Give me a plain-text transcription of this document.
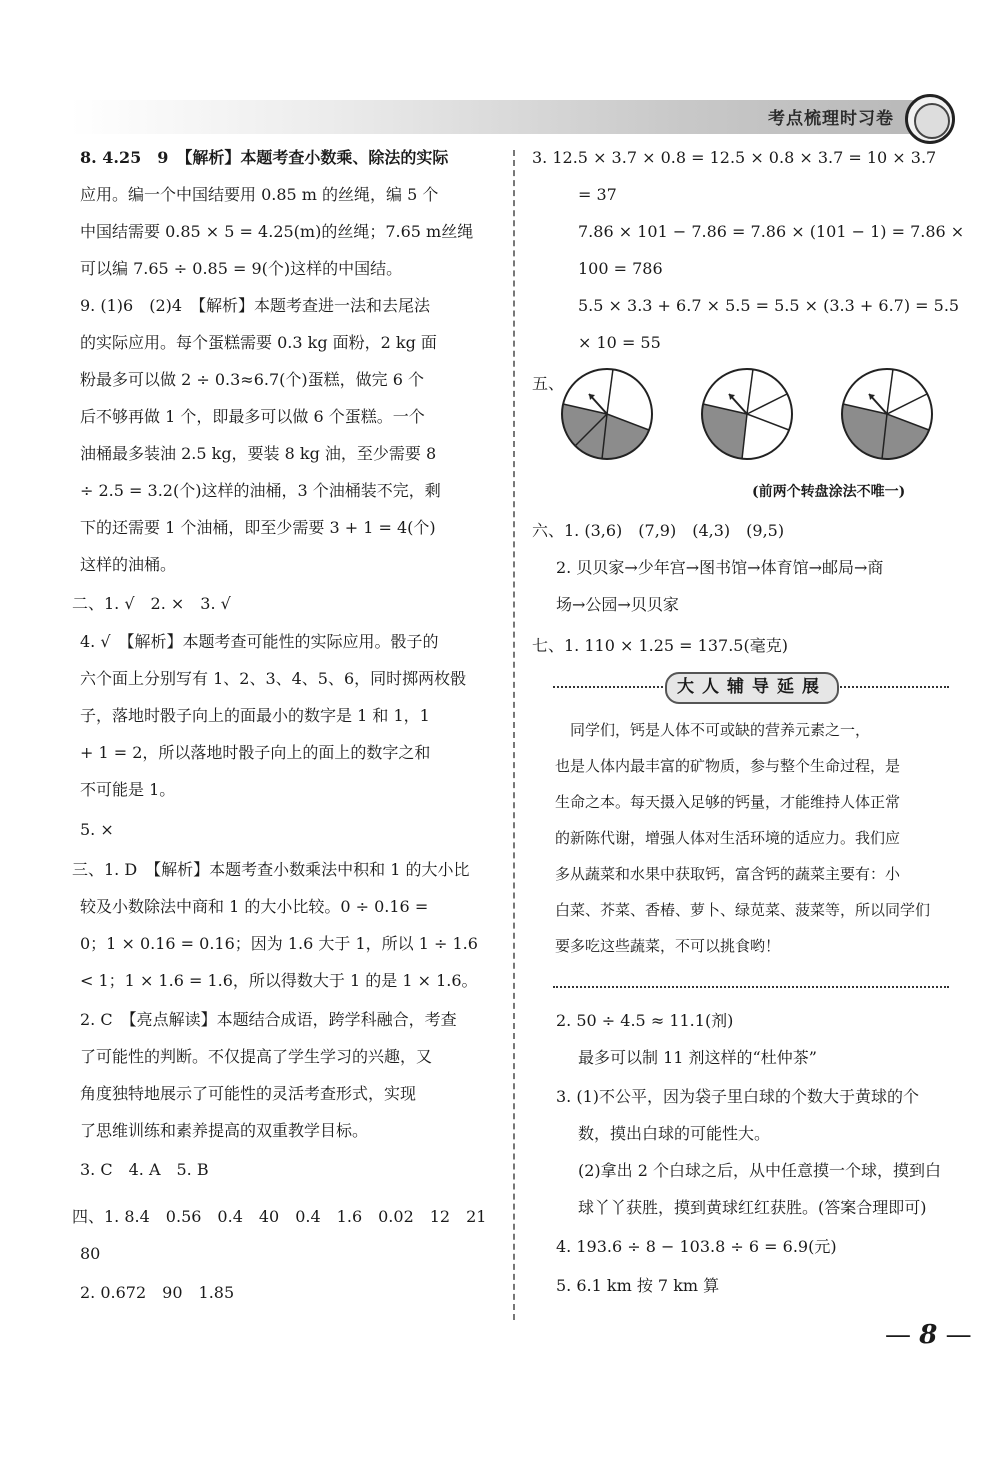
考点梳理时习卷
8. 4.25　9　【解析】本题考查小数乘、除法的实际
应用。编一个中国结要用 0.85 m 的丝绳，编 5 个
中国结需要 0.85 × 5 = 4.25(m)的丝绳；7.65 m丝绳
可以编 7.65 ÷ 0.85 = 9(个)这样的中国结。
9. (1)6　(2)4　【解析】本题考查进一法和去尾法
的实际应用。每个蛋糕需要 0.3 kg 面粉，2 kg 面
粉最多可以做 2 ÷ 0.3≈6.7(个)蛋糕，做完 6 个
后不够再做 1 个，即最多可以做 6 个蛋糕。一个
油桶最多装油 2.5 kg，要装 8 kg 油，至少需要 8
÷ 2.5 = 3.2(个)这样的油桶，3 个油桶装不完，剩
下的还需要 1 个油桶，即至少需要 3 + 1 = 4(个)
这样的油桶。
二、1. √　2. ×　3. √
4. √　【解析】本题考查可能性的实际应用。骰子的
六个面上分别写有 1、2、3、4、5、6，同时掷两枚骰
子，落地时骰子向上的面最小的数字是 1 和 1，1
+ 1 = 2，所以落地时骰子向上的面上的数字之和
不可能是 1。
5. ×
三、1. D　【解析】本题考查小数乘法中积和 1 的大小比
较及小数除法中商和 1 的大小比较。0 ÷ 0.16 =
0；1 × 0.16 = 0.16；因为 1.6 大于 1，所以 1 ÷ 1.6
< 1；1 × 1.6 = 1.6，所以得数大于 1 的是 1 × 1.6。
2. C　【亮点解读】本题结合成语，跨学科融合，考查
了可能性的判断。不仅提高了学生学习的兴趣，又
角度独特地展示了可能性的灵活考查形式，实现
了思维训练和素养提高的双重教学目标。
3. C　4. A　5. B
四、1. 8.4　0.56　0.4　40　0.4　1.6　0.02　12　21
80
2. 0.672　90　1.85
3. 12.5 × 3.7 × 0.8 = 12.5 × 0.8 × 3.7 = 10 × 3.7
= 37
7.86 × 101 − 7.86 = 7.86 × (101 − 1) = 7.86 ×
100 = 786
5.5 × 3.3 + 6.7 × 5.5 = 5.5 × (3.3 + 6.7) = 5.5
× 10 = 55
五、
(前两个转盘涂法不唯一)
六、1. (3,6)　(7,9)　(4,3)　(9,5)
2. 贝贝家→少年宫→图书馆→体育馆→邮局→商
场→公园→贝贝家
七、1. 110 × 1.25 = 137.5(毫克)
大人辅导延展
　同学们，钙是人体不可或缺的营养元素之一，
也是人体内最丰富的矿物质，参与整个生命过程，是
生命之本。每天摄入足够的钙量，才能维持人体正常
的新陈代谢，增强人体对生活环境的适应力。我们应
多从蔬菜和水果中获取钙，富含钙的蔬菜主要有：小
白菜、芥菜、香椿、萝卜、绿苋菜、菠菜等，所以同学们
要多吃这些蔬菜，不可以挑食哟！
2. 50 ÷ 4.5 ≈ 11.1(剂)
最多可以制 11 剂这样的“杜仲茶”
3. (1)不公平，因为袋子里白球的个数大于黄球的个
数，摸出白球的可能性大。
(2)拿出 2 个白球之后，从中任意摸一个球，摸到白
球丫丫获胜，摸到黄球红红获胜。(答案合理即可)
4. 193.6 ÷ 8 − 103.8 ÷ 6 = 6.9(元)
5. 6.1 km 按 7 km 算
— 8 —
